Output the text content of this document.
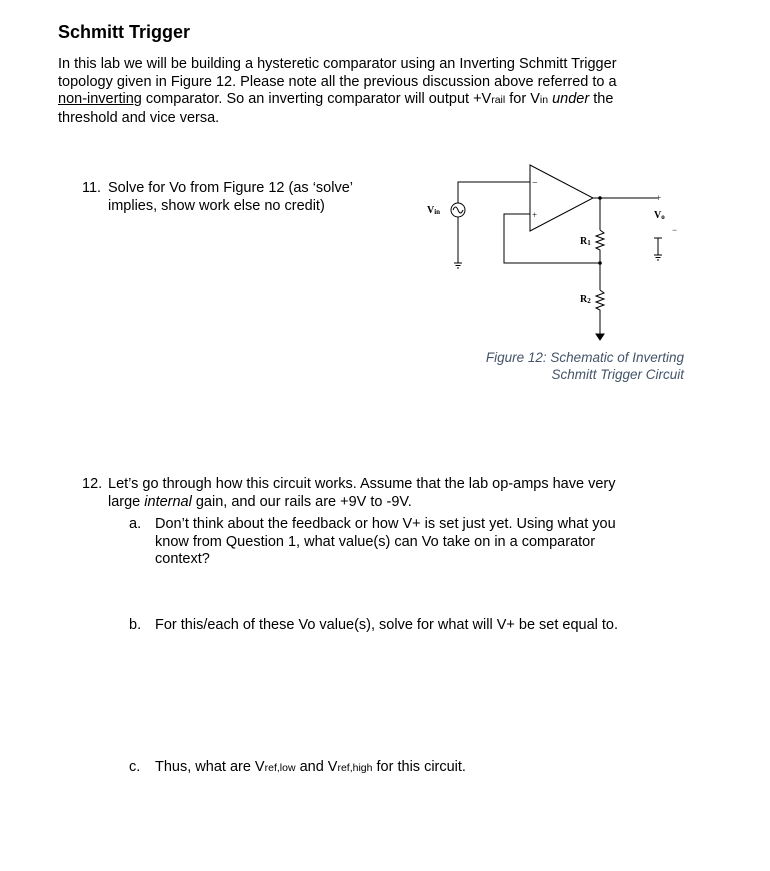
Schmitt Trigger
In this lab we will be building a hysteretic comparator using an Inverting Schmitt Trigger
topology given in Figure 12. Please note all the previous discussion above referred to a
non-inverting comparator. So an inverting comparator will output +Vrail for Vin under the
threshold and vice versa.
11. Solve for Vo from Figure 12 (as ‘solve’
implies, show work else no credit)
−
+
Vin	Vo
+
−
R1
R2
Figure 12: Schematic of Inverting
Schmitt Trigger Circuit
12. Let’s go through how this circuit works. Assume that the lab op-amps have very
large internal gain, and our rails are +9V to -9V.
a. Don’t think about the feedback or how V+ is set just yet. Using what you
know from Question 1, what value(s) can Vo take on in a comparator
context?
b. For this/each of these Vo value(s), solve for what will V+ be set equal to.
c. Thus, what are Vref,low and Vref,high for this circuit.
